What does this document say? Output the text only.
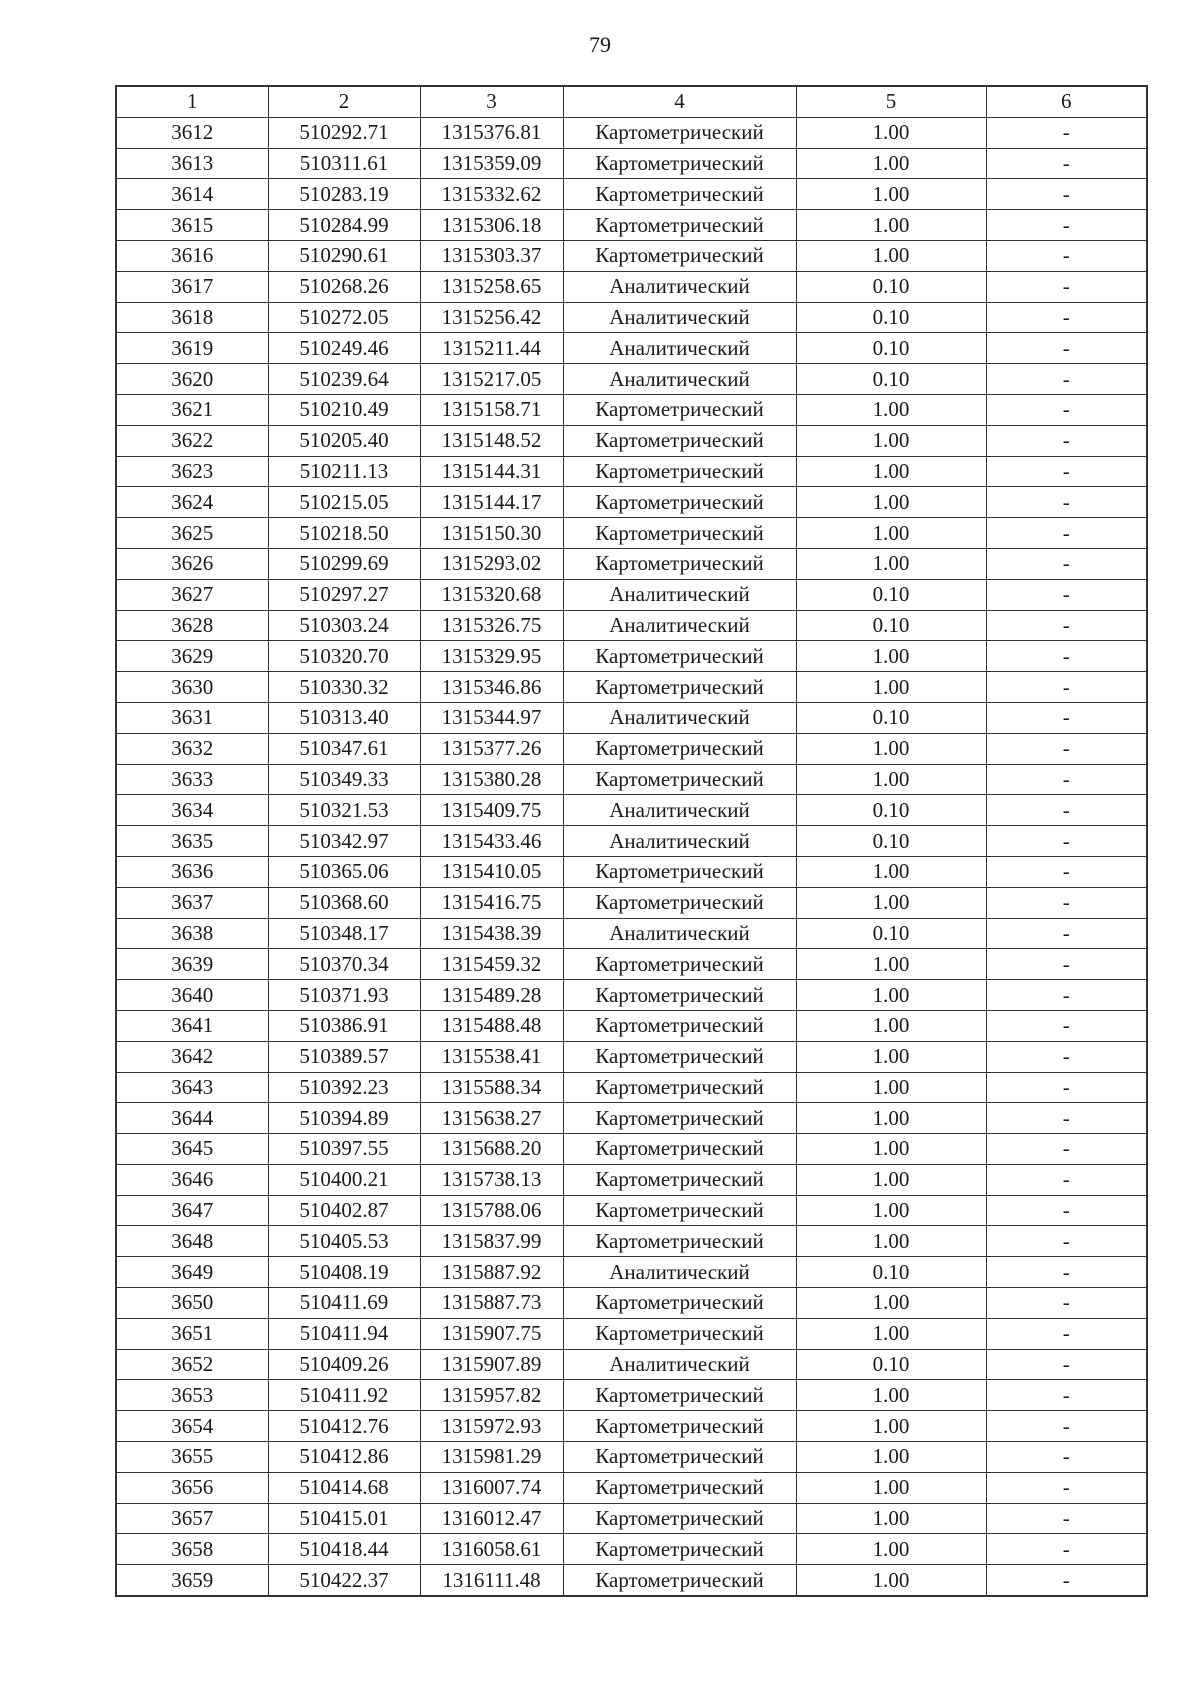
79
1	2	3	4	5	6
3612	510292.71	1315376.81	Картометрический	1.00	-
3613	510311.61	1315359.09	Картометрический	1.00	-
3614	510283.19	1315332.62	Картометрический	1.00	-
3615	510284.99	1315306.18	Картометрический	1.00	-
3616	510290.61	1315303.37	Картометрический	1.00	-
3617	510268.26	1315258.65	Аналитический	0.10	-
3618	510272.05	1315256.42	Аналитический	0.10	-
3619	510249.46	1315211.44	Аналитический	0.10	-
3620	510239.64	1315217.05	Аналитический	0.10	-
3621	510210.49	1315158.71	Картометрический	1.00	-
3622	510205.40	1315148.52	Картометрический	1.00	-
3623	510211.13	1315144.31	Картометрический	1.00	-
3624	510215.05	1315144.17	Картометрический	1.00	-
3625	510218.50	1315150.30	Картометрический	1.00	-
3626	510299.69	1315293.02	Картометрический	1.00	-
3627	510297.27	1315320.68	Аналитический	0.10	-
3628	510303.24	1315326.75	Аналитический	0.10	-
3629	510320.70	1315329.95	Картометрический	1.00	-
3630	510330.32	1315346.86	Картометрический	1.00	-
3631	510313.40	1315344.97	Аналитический	0.10	-
3632	510347.61	1315377.26	Картометрический	1.00	-
3633	510349.33	1315380.28	Картометрический	1.00	-
3634	510321.53	1315409.75	Аналитический	0.10	-
3635	510342.97	1315433.46	Аналитический	0.10	-
3636	510365.06	1315410.05	Картометрический	1.00	-
3637	510368.60	1315416.75	Картометрический	1.00	-
3638	510348.17	1315438.39	Аналитический	0.10	-
3639	510370.34	1315459.32	Картометрический	1.00	-
3640	510371.93	1315489.28	Картометрический	1.00	-
3641	510386.91	1315488.48	Картометрический	1.00	-
3642	510389.57	1315538.41	Картометрический	1.00	-
3643	510392.23	1315588.34	Картометрический	1.00	-
3644	510394.89	1315638.27	Картометрический	1.00	-
3645	510397.55	1315688.20	Картометрический	1.00	-
3646	510400.21	1315738.13	Картометрический	1.00	-
3647	510402.87	1315788.06	Картометрический	1.00	-
3648	510405.53	1315837.99	Картометрический	1.00	-
3649	510408.19	1315887.92	Аналитический	0.10	-
3650	510411.69	1315887.73	Картометрический	1.00	-
3651	510411.94	1315907.75	Картометрический	1.00	-
3652	510409.26	1315907.89	Аналитический	0.10	-
3653	510411.92	1315957.82	Картометрический	1.00	-
3654	510412.76	1315972.93	Картометрический	1.00	-
3655	510412.86	1315981.29	Картометрический	1.00	-
3656	510414.68	1316007.74	Картометрический	1.00	-
3657	510415.01	1316012.47	Картометрический	1.00	-
3658	510418.44	1316058.61	Картометрический	1.00	-
3659	510422.37	1316111.48	Картометрический	1.00	-
